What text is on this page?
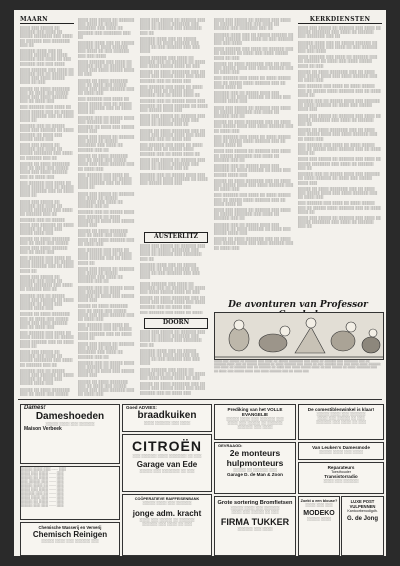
MAARN

░░░░ ░░░ ░░░░░ ░░ ░░░░░░ ░░░ ░░░░ ░░ ░░░░░ ░░░░░░░ ░░░ ░░░░ ░░ ░░░░░░ ░░░ ░░░░░░░ ░░░ ░░

░░░░░░ ░░░░ ░░░ ░░ ░░░░░ ░░░░░░ ░░ ░░░░ ░░░░░░ ░░░ ░░░░ ░░ ░░░ ░░░░░░ ░░░ ░░░ ░░░░

░░░░ ░░░░░░ ░░░ ░░░░ ░░ ░░░░░░ ░░░ ░░ ░░░░░░ ░░ ░░░░ ░░░ ░░░░ ░░░░░ ░░░░ ░░ ░░░

░░░░░ ░░ ░░░░ ░░░░░░░ ░░░ ░░ ░░░░ ░░░ ░░░░░ ░░░░ ░░░ ░░░░ ░░░░░░ ░░░ ░░ ░░░░ ░░░

░░░ ░░░░░░ ░░░ ░░░░ ░░ ░░░░ ░░░░░ ░░░ ░░ ░░░░░ ░░░░ ░░░░░░ ░░░ ░░ ░░░░ ░░░░ ░░

░░░░░░ ░░░ ░░ ░░░░░ ░░░░ ░░░ ░░░░░░ ░░ ░░░░ ░░░░░░ ░░ ░░░░ ░░░ ░░░░░ ░░░░ ░░░

░░░░ ░░░ ░░░░░ ░░ ░░░░░░ ░░░ ░░░░ ░░ ░░░░░ ░░░░░░░ ░░░ ░░░░ ░░ ░░░░░░ ░░░ ░░

░░░░░ ░░ ░░░░ ░░░░░░░ ░░░ ░░ ░░░░ ░░░ ░░░░░ ░░░░ ░░░ ░░░░ ░░░░░░ ░░░ ░░ ░░░░ ░░░

░░░ ░░░░░░ ░░░ ░░░░ ░░ ░░░░ ░░░░░ ░░░ ░░ ░░░░░ ░░░░ ░░░░░░ ░░░ ░░ ░░░░ ░░░░ ░░

░░░░ ░░░ ░░░░░ ░░ ░░░░░░ ░░░ ░░░░ ░░ ░░░░░ ░░░░░░░ ░░░ ░░░░ ░░ ░░░░░░ ░░░ ░░

░░░░░░ ░░░ ░░ ░░░░░ ░░░░ ░░░ ░░░░░░ ░░ ░░░░ ░░░░░░ ░░ ░░░░ ░░░ ░░░░░ ░░░░ ░░░

░░░░░ ░░ ░░░░ ░░░░░░░ ░░░ ░░ ░░░░ ░░░ ░░░░░ ░░░░ ░░░ ░░░░ ░░░░░░ ░░░ ░░ ░░░░ ░░░

░░░ ░░░░░░ ░░░ ░░░░ ░░ ░░░░ ░░░░░ ░░░ ░░ ░░░░░ ░░░░ ░░░░░░ ░░░ ░░ ░░░░ ░░░░ ░░

░░░░ ░░░ ░░░░░ ░░ ░░░░░░ ░░░ ░░░░ ░░ ░░░░░ ░░░░░░░ ░░░ ░░░░ ░░ ░░░░░░ ░░░ ░░

░░░░░░ ░░░ ░░ ░░░░░ ░░░░ ░░░ ░░░░░░ ░░ ░░░░ ░░░░░░ ░░ ░░░░ ░░░ ░░░░░ ░░░░ ░░░

░░░░░ ░░ ░░░░ ░░░░░░░ ░░░ ░░ ░░░░ ░░░ ░░░░░ ░░░░ ░░░ ░░░░ ░░░░░░ ░░░ ░░ ░░░░ ░░░

░░░ ░░░░░░ ░░░ ░░░░ ░░ ░░░░ ░░░░░ ░░░ ░░ ░░░░░ ░░░░ ░░░░░░ ░░░ ░░ ░░░░ ░░░░ ░░

░░░░ ░░░ ░░░░░ ░░ ░░░░░░ ░░░ ░░░░ ░░ ░░░░░ ░░░░░░░ ░░░ ░░░░ ░░ ░░░░░░ ░░░ ░░

░░░░░░ ░░░ ░░ ░░░░░ ░░░░ ░░░ ░░░░░░ ░░ ░░░░ ░░░░░░ ░░ ░░░░ ░░░ ░░░░░ ░░░░ ░░░

░░░░░ ░░ ░░░░ ░░░░░░░ ░░░ ░░ ░░░░ ░░░ ░░░░░

░░░░ ░░░ ░░░░░ ░░ ░░░░░░ ░░░ ░░░░ ░░ ░░░░░ ░░░░░░░ ░░░ ░░░░ ░░ ░░░░░░ ░░░ ░░░░░░░ ░░░ ░░

░░░░░░ ░░░░ ░░░ ░░ ░░░░░ ░░░░░░ ░░ ░░░░ ░░░░░░ ░░░ ░░░░ ░░ ░░░ ░░░░░░ ░░░ ░░░ ░░░░

░░░░ ░░░░░░ ░░░ ░░░░ ░░ ░░░░░░ ░░░ ░░ ░░░░░░ ░░ ░░░░ ░░░ ░░░░ ░░░░░ ░░░░ ░░ ░░░

░░░░░ ░░ ░░░░ ░░░░░░░ ░░░ ░░ ░░░░ ░░░ ░░░░░ ░░░░ ░░░ ░░░░ ░░░░░░ ░░░ ░░ ░░░░ ░░░

░░░ ░░░░░░ ░░░ ░░░░ ░░ ░░░░ ░░░░░ ░░░ ░░ ░░░░░ ░░░░ ░░░░░░ ░░░ ░░ ░░░░ ░░░░ ░░

░░░░░░ ░░░ ░░ ░░░░░ ░░░░ ░░░ ░░░░░░ ░░ ░░░░ ░░░░░░ ░░ ░░░░ ░░░ ░░░░░ ░░░░ ░░░

░░░░ ░░░ ░░░░░ ░░ ░░░░░░ ░░░ ░░░░ ░░ ░░░░░ ░░░░░░░ ░░░ ░░░░ ░░ ░░░░░░ ░░░ ░░

░░░░░ ░░ ░░░░ ░░░░░░░ ░░░ ░░ ░░░░ ░░░ ░░░░░ ░░░░ ░░░ ░░░░ ░░░░░░ ░░░ ░░ ░░░░ ░░░

░░░ ░░░░░░ ░░░ ░░░░ ░░ ░░░░ ░░░░░ ░░░ ░░ ░░░░░ ░░░░ ░░░░░░ ░░░ ░░ ░░░░ ░░░░ ░░

░░░░ ░░░ ░░░░░ ░░ ░░░░░░ ░░░ ░░░░ ░░ ░░░░░ ░░░░░░░ ░░░ ░░░░ ░░ ░░░░░░ ░░░ ░░

░░░░░░ ░░░ ░░ ░░░░░ ░░░░ ░░░ ░░░░░░ ░░ ░░░░ ░░░░░░ ░░ ░░░░ ░░░ ░░░░░ ░░░░ ░░░

░░░░░ ░░ ░░░░ ░░░░░░░ ░░░ ░░ ░░░░ ░░░ ░░░░░ ░░░░ ░░░ ░░░░ ░░░░░░ ░░░ ░░ ░░░░ ░░░

░░░ ░░░░░░ ░░░ ░░░░ ░░ ░░░░ ░░░░░ ░░░ ░░ ░░░░░ ░░░░ ░░░░░░ ░░░ ░░ ░░░░ ░░░░ ░░

░░░░ ░░░ ░░░░░ ░░ ░░░░░░ ░░░ ░░░░ ░░ ░░░░░ ░░░░░░░ ░░░ ░░░░ ░░ ░░░░░░ ░░░ ░░

░░░░░░ ░░░ ░░ ░░░░░ ░░░░ ░░░ ░░░░░░ ░░ ░░░░ ░░░░░░ ░░ ░░░░ ░░░ ░░░░░ ░░░░ ░░░

░░░░░ ░░ ░░░░ ░░░░░░░ ░░░ ░░ ░░░░ ░░░ ░░░░░ ░░░░ ░░░ ░░░░ ░░░░░░ ░░░ ░░ ░░░░ ░░░

░░░ ░░░░░░ ░░░ ░░░░ ░░ ░░░░ ░░░░░ ░░░ ░░ ░░░░░ ░░░░ ░░░░░░ ░░░ ░░ ░░░░ ░░░░ ░░

░░░░ ░░░ ░░░░░ ░░ ░░░░░░ ░░░ ░░░░ ░░ ░░░░░ ░░░░░░░ ░░░ ░░░░ ░░ ░░░░░░ ░░░ ░░

░░░░░░ ░░░ ░░ ░░░░░ ░░░░ ░░░ ░░░░░░ ░░ ░░░░ ░░░░░░ ░░ ░░░░ ░░░ ░░░░░ ░░░░ ░░░

░░░░░ ░░ ░░░░ ░░░░░░░ ░░░ ░░ ░░░░ ░░░ ░░░░░ ░░░░ ░░░ ░░░░ ░░░░░░ ░░░ ░░ ░░░░ ░░░

░░░░ ░░░ ░░░░░ ░░ ░░░░░░ ░░░ ░░░░ ░░ ░░░░░ ░░░░░░░ ░░░ ░░░░ ░░ ░░░░░░ ░░░ ░░░░░░░ ░░░ ░░

░░░░░░ ░░░░ ░░░ ░░ ░░░░░ ░░░░░░ ░░ ░░░░ ░░░░░░ ░░░ ░░░░ ░░ ░░░ ░░░░░░ ░░░ ░░░ ░░░░

░░░░ ░░░░░░ ░░░ ░░░░ ░░ ░░░░░░ ░░░ ░░ ░░░░░░ ░░ ░░░░ ░░░ ░░░░ ░░░░░ ░░░░ ░░ ░░░

░░░░░ ░░ ░░░░ ░░░░░░░ ░░░ ░░ ░░░░ ░░░ ░░░░░ ░░░░ ░░░ ░░░░ ░░░░░░ ░░░ ░░ ░░░░ ░░░

░░░ ░░░░░░ ░░░ ░░░░ ░░ ░░░░ ░░░░░ ░░░ ░░ ░░░░░ ░░░░ ░░░░░░ ░░░ ░░ ░░░░ ░░░░ ░░

░░░░░░ ░░░ ░░ ░░░░░ ░░░░ ░░░ ░░░░░░ ░░ ░░░░ ░░░░░░ ░░ ░░░░ ░░░ ░░░░░ ░░░░ ░░░

░░░░ ░░░ ░░░░░ ░░ ░░░░░░ ░░░ ░░░░ ░░ ░░░░░ ░░░░░░░ ░░░ ░░░░ ░░ ░░░░░░ ░░░ ░░

░░░░░ ░░ ░░░░ ░░░░░░░ ░░░ ░░ ░░░░ ░░░ ░░░░░ ░░░░ ░░░ ░░░░ ░░░░░░ ░░░ ░░ ░░░░ ░░░

░░░ ░░░░░░ ░░░ ░░░░ ░░ ░░░░ ░░░░░ ░░░ ░░ ░░░░░ ░░░░ ░░░░░░ ░░░ ░░ ░░░░ ░░░░ ░░

░░░░ ░░░ ░░░░░ ░░ ░░░░░░ ░░░ ░░░░ ░░ ░░░░░ ░░░░░░░ ░░░ ░░░░ ░░ ░░░░░░ ░░░ ░░

░░░░░░ ░░░ ░░ ░░░░░ ░░░░ ░░░ ░░░░░░ ░░ ░░░░ ░░░░░░ ░░ ░░░░ ░░░ ░░░░░ ░░░░ ░░░

AUSTERLITZ

░░░░ ░░░ ░░░░░ ░░ ░░░░░░ ░░░ ░░░░ ░░ ░░░░░ ░░░░░░░ ░░░ ░░░░ ░░ ░░░░░░ ░░░ ░░░░░░░ ░░░ ░░

░░░░░░ ░░░░ ░░░ ░░ ░░░░░ ░░░░░░ ░░ ░░░░ ░░░░░░ ░░░ ░░░░ ░░ ░░░ ░░░░░░ ░░░ ░░░ ░░░░

░░░░ ░░░░░░ ░░░ ░░░░ ░░ ░░░░░░ ░░░ ░░ ░░░░░░ ░░ ░░░░ ░░░ ░░░░ ░░░░░ ░░░░ ░░ ░░░

░░░░░ ░░ ░░░░ ░░░░░░░ ░░░ ░░ ░░░░ ░░░ ░░░░░ ░░░░ ░░░ ░░░░ ░░░░░░ ░░░ ░░ ░░░░ ░░░

░░░ ░░░░░░ ░░░ ░░░░ ░░ ░░░░

DOORN

░░░░ ░░░ ░░░░░ ░░ ░░░░░░ ░░░ ░░░░ ░░ ░░░░░ ░░░░░░░ ░░░ ░░░░ ░░ ░░░░░░ ░░░ ░░░░░░░ ░░░ ░░

░░░░░░ ░░░░ ░░░ ░░ ░░░░░ ░░░░░░ ░░ ░░░░ ░░░░░░ ░░░ ░░░░ ░░ ░░░ ░░░░░░ ░░░ ░░░ ░░░░

░░░░ ░░░░░░ ░░░ ░░░░ ░░ ░░░░░░ ░░░ ░░ ░░░░░░ ░░ ░░░░ ░░░ ░░░░ ░░░░░ ░░░░ ░░ ░░░

░░░░░ ░░ ░░░░ ░░░░░░░ ░░░ ░░ ░░░░ ░░░ ░░░░░ ░░░░ ░░░ ░░░░ ░░░░░░ ░░░ ░░ ░░░░ ░░░

░░░░ ░░░ ░░░░░ ░░ ░░░░░░ ░░░ ░░░░ ░░ ░░░░░ ░░░░░░░ ░░░ ░░░░ ░░ ░░░░░░ ░░░ ░░░░░░░ ░░░ ░░

░░░░░░ ░░░░ ░░░ ░░ ░░░░░ ░░░░░░ ░░ ░░░░ ░░░░░░ ░░░ ░░░░ ░░ ░░░ ░░░░░░ ░░░ ░░░ ░░░░

░░░░ ░░░░░░ ░░░ ░░░░ ░░ ░░░░░░ ░░░ ░░ ░░░░░░ ░░ ░░░░ ░░░ ░░░░ ░░░░░ ░░░░ ░░ ░░░

░░░░░ ░░ ░░░░ ░░░░░░░ ░░░ ░░ ░░░░ ░░░ ░░░░░ ░░░░ ░░░ ░░░░ ░░░░░░ ░░░ ░░ ░░░░ ░░░

░░░ ░░░░░░ ░░░ ░░░░ ░░ ░░░░ ░░░░░ ░░░ ░░ ░░░░░ ░░░░ ░░░░░░ ░░░ ░░ ░░░░ ░░░░ ░░

░░░░░░ ░░░ ░░ ░░░░░ ░░░░ ░░░ ░░░░░░ ░░ ░░░░ ░░░░░░ ░░ ░░░░ ░░░ ░░░░░ ░░░░ ░░░

░░░░ ░░░ ░░░░░ ░░ ░░░░░░ ░░░ ░░░░ ░░ ░░░░░ ░░░░░░░ ░░░ ░░░░ ░░ ░░░░░░ ░░░ ░░

░░░░░ ░░ ░░░░ ░░░░░░░ ░░░ ░░ ░░░░ ░░░ ░░░░░ ░░░░ ░░░ ░░░░ ░░░░░░ ░░░ ░░ ░░░░ ░░░

░░░ ░░░░░░ ░░░ ░░░░ ░░ ░░░░ ░░░░░ ░░░ ░░ ░░░░░ ░░░░ ░░░░░░ ░░░ ░░ ░░░░ ░░░░ ░░

░░░░ ░░░ ░░░░░ ░░ ░░░░░░ ░░░ ░░░░ ░░ ░░░░░ ░░░░░░░ ░░░ ░░░░ ░░ ░░░░░░ ░░░ ░░

░░░░░░ ░░░ ░░ ░░░░░ ░░░░ ░░░ ░░░░░░ ░░ ░░░░ ░░░░░░ ░░ ░░░░ ░░░ ░░░░░ ░░░░ ░░░

░░░░░ ░░ ░░░░ ░░░░░░░ ░░░ ░░ ░░░░ ░░░ ░░░░░ ░░░░ ░░░ ░░░░ ░░░░░░ ░░░ ░░ ░░░░ ░░░

░░░ ░░░░░░ ░░░ ░░░░ ░░ ░░░░ ░░░░░ ░░░ ░░ ░░░░░ ░░░░ ░░░░░░ ░░░ ░░ ░░░░ ░░░░ ░░

░░░░ ░░░ ░░░░░ ░░ ░░░░░░ ░░░ ░░░░ ░░ ░░░░░ ░░░░░░░ ░░░ ░░░░ ░░ ░░░░░░ ░░░ ░░

░░░░░░ ░░░ ░░ ░░░░░ ░░░░ ░░░ ░░░░░░ ░░ ░░░░ ░░░░░░ ░░ ░░░░ ░░░ ░░░░░ ░░░░ ░░░

░░░░░ ░░ ░░░░ ░░░░░░░ ░░░ ░░ ░░░░ ░░░ ░░░░░ ░░░░ ░░░ ░░░░ ░░░░░░ ░░░ ░░ ░░░░ ░░░

KERKDIENSTEN

░░░░ ░░░ ░░░░░ ░░ ░░░░░░ ░░░ ░░░░ ░░ ░░░░░ ░░░░░░░ ░░░ ░░░░ ░░ ░░░░░░ ░░░ ░░░░░░░ ░░░ ░░

░░░░░░ ░░░░ ░░░ ░░ ░░░░░ ░░░░░░ ░░ ░░░░ ░░░░░░ ░░░ ░░░░ ░░ ░░░ ░░░░░░ ░░░ ░░░ ░░░░

░░░░ ░░░░░░ ░░░ ░░░░ ░░ ░░░░░░ ░░░ ░░ ░░░░░░ ░░ ░░░░ ░░░ ░░░░ ░░░░░ ░░░░ ░░ ░░░

░░░░░ ░░ ░░░░ ░░░░░░░ ░░░ ░░ ░░░░ ░░░ ░░░░░ ░░░░ ░░░ ░░░░ ░░░░░░ ░░░ ░░ ░░░░ ░░░

░░░ ░░░░░░ ░░░ ░░░░ ░░ ░░░░ ░░░░░ ░░░ ░░ ░░░░░ ░░░░ ░░░░░░ ░░░ ░░ ░░░░ ░░░░ ░░

░░░░░░ ░░░ ░░ ░░░░░ ░░░░ ░░░ ░░░░░░ ░░ ░░░░ ░░░░░░ ░░ ░░░░ ░░░ ░░░░░ ░░░░ ░░░

░░░░ ░░░ ░░░░░ ░░ ░░░░░░ ░░░ ░░░░ ░░ ░░░░░ ░░░░░░░ ░░░ ░░░░ ░░ ░░░░░░ ░░░ ░░

░░░░░ ░░ ░░░░ ░░░░░░░ ░░░ ░░ ░░░░ ░░░ ░░░░░ ░░░░ ░░░ ░░░░ ░░░░░░ ░░░ ░░ ░░░░ ░░░

░░░ ░░░░░░ ░░░ ░░░░ ░░ ░░░░ ░░░░░ ░░░ ░░ ░░░░░ ░░░░ ░░░░░░ ░░░ ░░ ░░░░ ░░░░ ░░

░░░░ ░░░ ░░░░░ ░░ ░░░░░░ ░░░ ░░░░ ░░ ░░░░░ ░░░░░░░ ░░░ ░░░░ ░░ ░░░░░░ ░░░ ░░

░░░░░░ ░░░ ░░ ░░░░░ ░░░░ ░░░ ░░░░░░ ░░ ░░░░ ░░░░░░ ░░ ░░░░ ░░░ ░░░░░ ░░░░ ░░░

░░░░░ ░░ ░░░░ ░░░░░░░ ░░░ ░░ ░░░░ ░░░ ░░░░░ ░░░░ ░░░ ░░░░ ░░░░░░ ░░░ ░░ ░░░░ ░░░

░░░ ░░░░░░ ░░░ ░░░░ ░░ ░░░░ ░░░░░ ░░░ ░░ ░░░░░ ░░░░ ░░░░░░ ░░░ ░░ ░░░░ ░░░░ ░░

░░░░ ░░░ ░░░░░ ░░ ░░░░░░ ░░░ ░░░░ ░░ ░░░░░ ░░░░░░░ ░░░ ░░░░ ░░ ░░░░░░ ░░░ ░░

De avonturen van Professor
░░░░ ░░░ ░░░░░ ░░ ░░░░░░ ░░░ ░░░░ ░░ ░░░░░ ░░░░░░░ ░░░ ░░░░ ░░ ░░░░░░ ░░░ ░░░░░░░ ░░░ ░░ ░░░░░░ ░░░░ ░░░ ░░ ░░░░░ ░░░░░░ ░░ ░░░░ ░░░░░░ ░░░ ░░░░ ░░ ░░░ ░░░░░░ ░░░ ░░░ ░░░░ ░░░░ ░░░░░░ ░░░ ░░░░ ░░ ░░░░░░ ░░░ ░░ ░░░░░░ ░░ ░░░░ ░░░ ░░░░ ░░░░░ ░░░░ ░░ ░░░ ░░░░░ ░░ ░░░░ ░░░░░░░ ░░░ ░░ ░░░░ ░░░ ░░░░░ ░░░░ ░░░ ░░░░ ░░░░░░ ░░░ ░░ ░░░░ ░░░
Dames!
Dameshoeden
░░░░░ ░░░░ ░░░ ░░░░░░
Maison Verbeek
Goed ADVIES:
braadkuiken
░░░░ ░░░░░░ ░░░ ░░░░
Prediking van het VOLLE EVANGELIE
░░░░░ ░░░░ ░░░ ░░░░░░ ░░░
░░░░ ░░░ ░░░░░ ░░ ░░░░░░
░░░░░░ ░░░ ░░░░
De comestibleswinkel is klaar!
░░░░░ ░░░░ ░░░ ░░░░░░
░░░░ ░░░ ░░░░░ ░░ ░░░
░░░░░░ ░░░ ░░░░ ░░ ░░░
░░░░░ ░░░░ ░░░ ....... ░░░
░░░░ ░░░ ░░░░ ....... ░░░
░░░░░ ░░ ░░░░ ....... ░░░
░░░ ░░░░░ ░░░ ....... ░░░
░░░░░ ░░░░ ░░ ....... ░░░
░░░░ ░░░ ░░░░ ....... ░░░
░░░░░░ ░░░ ░░ ....... ░░░
░░░░ ░░░░ ░░░ ....... ░░░
░░░░░ ░░ ░░░░ ....... ░░░
░░░░░ ░░░ ░░░ ....... ░░░
CITROËN
░░░ ░░░░░░ ░░░░ ░░░░░░░ ░░ ░░░
Garage van Ede
░░░░░ ░░░ ░░░░░░░ ░░ ░░░
GEVRAAGD:
2e monteurs
hulpmonteurs
░░░░░ ░░ ░░░░░░ ░░░
Garage D. de Man & Zoon
Van Leuken's Damesmode
░░░░░ ░░░░ ░░░ ░░░░
Reparateurs
Toesthouder
Transistorradio
░░░░ ░░░ ░░░░░░
Chemische Wasserij en Ververij
Chemisch Reinigen
░░░░░ ░░░░ ░░░ ░░░░░░ ░░░
COÖPERATIEVE RAIFFEISENBANK
░░░░░ ░░░░ ░░░ ░░░░░░
jonge adm. kracht
░░░░ ░░░ ░░░░░ ░░ ░░░░░░
░░░░░░ ░░░ ░░░░ ░░ ░░░
Grote sortering Bromfietsen
░░░░░ ░░░░ ░░░ ░░░░░░
░░░░ ░░░ ░░░░░ ░░ ░░░
FIRMA TUKKER
░░░░░░ ░░░ ░░░░
Zoekt u een blouse?
░░░░ ░░░ ░░░
MODEKO
░░░░░ ░░░░
LUXE POST
VULPENNEN
Kantoorbenodigdh.
G. de Jong
